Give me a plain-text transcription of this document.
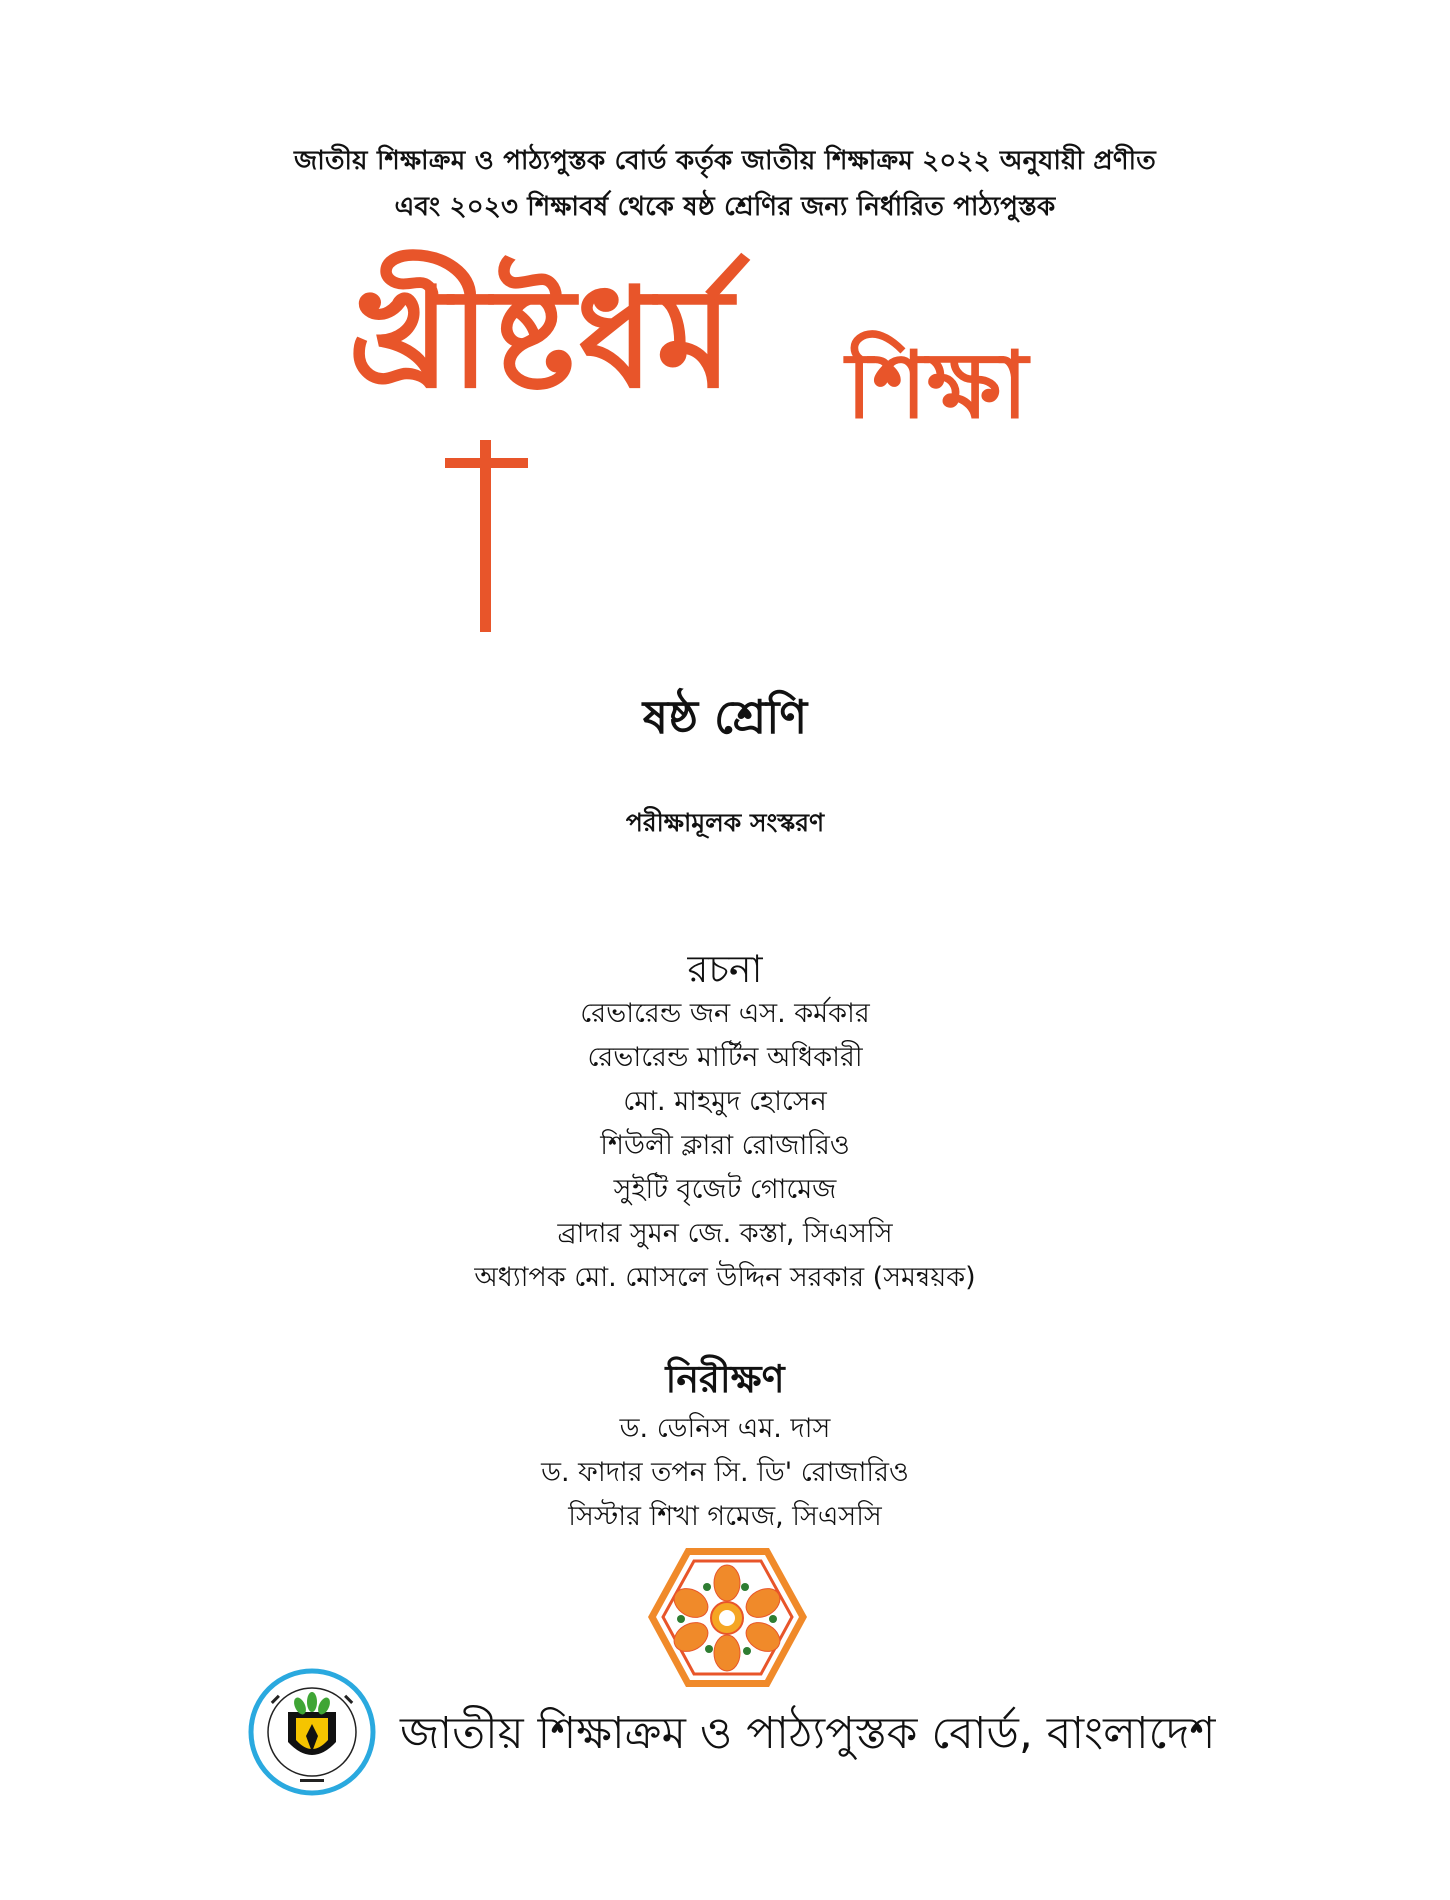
জাতীয় শিক্ষাক্রম ও পাঠ্যপুস্তক বোর্ড কর্তৃক জাতীয় শিক্ষাক্রম ২০২২ অনুযায়ী প্রণীত
এবং ২০২৩ শিক্ষাবর্ষ থেকে ষষ্ঠ শ্রেণির জন্য নির্ধারিত পাঠ্যপুস্তক
খ্রীষ্টধর্ম শিক্ষা
ষষ্ঠ শ্রেণি
পরীক্ষামূলক সংস্করণ
রচনা
রেভারেন্ড জন এস. কর্মকার
রেভারেন্ড মার্টিন অধিকারী
মো. মাহমুদ হোসেন
শিউলী ক্লারা রোজারিও
সুইটি বৃজেট গোমেজ
ব্রাদার সুমন জে. কস্তা, সিএসসি
অধ্যাপক মো. মোসলে উদ্দিন সরকার (সমন্বয়ক)
নিরীক্ষণ
ড. ডেনিস এম. দাস
ড. ফাদার তপন সি. ডি' রোজারিও
সিস্টার শিখা গমেজ, সিএসসি
জাতীয় শিক্ষাক্রম ও পাঠ্যপুস্তক বোর্ড, বাংলাদেশ
